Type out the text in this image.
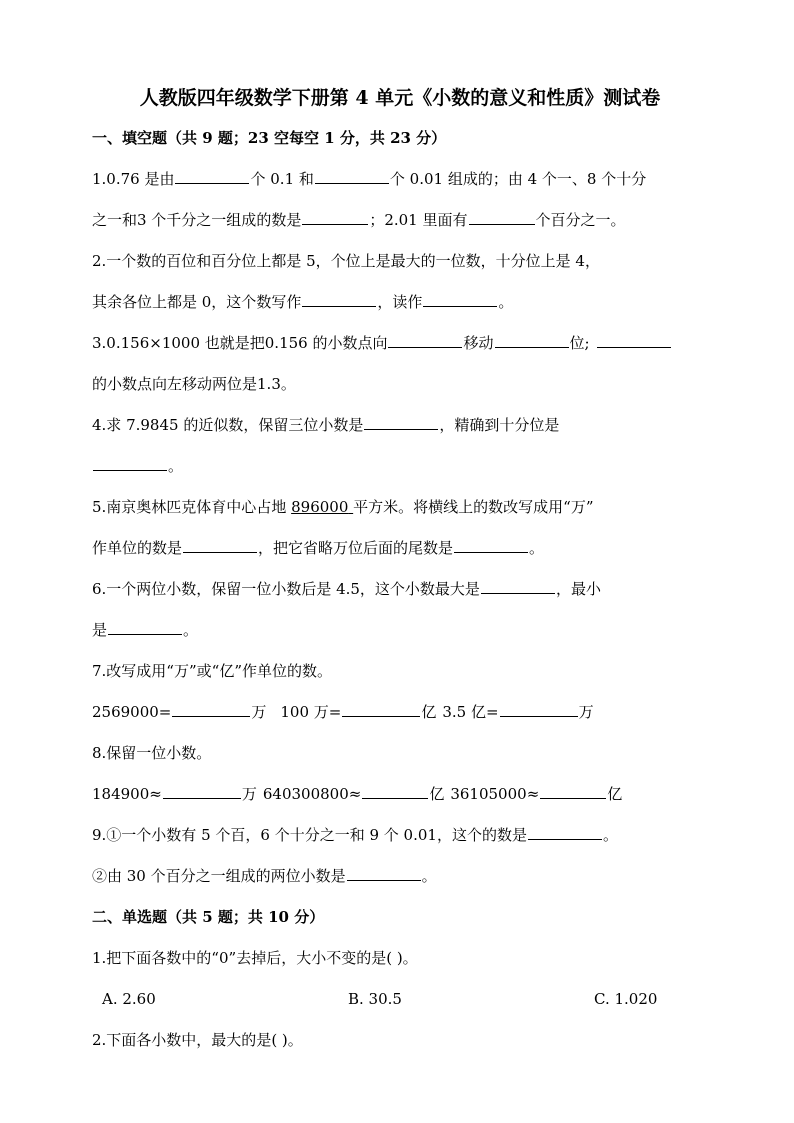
人教版四年级数学下册第 4 单元《小数的意义和性质》测试卷
一、填空题（共 9 题；23 空每空 1 分，共 23 分）
1.0.76 是由	个 0.1 和	个 0.01 组成的；由 4 个一、8 个十分
之一和3 个千分之一组成的数是	；2.01 里面有	个百分之一。
2.一个数的百位和百分位上都是 5，个位上是最大的一位数，十分位上是 4，
其余各位上都是 0，这个数写作	，读作	。
3.0.156×1000 也就是把0.156 的小数点向	移动	位;
的小数点向左移动两位是1.3。
4.求 7.9845 的近似数，保留三位小数是	，精确到十分位是
。
5.南京奥林匹克体育中心占地 896000 平方米。将横线上的数改写成用“万”
作单位的数是	，把它省略万位后面的尾数是	。
6.一个两位小数，保留一位小数后是 4.5，这个小数最大是	，最小
是	。
7.改写成用“万”或“亿”作单位的数。
2569000=	万 100 万=	亿 3.5 亿=	万
8.保留一位小数。
184900≈	万 640300800≈	亿 36105000≈	亿
9.①一个小数有 5 个百，6 个十分之一和 9 个 0.01，这个的数是	。
②由 30 个百分之一组成的两位小数是	。
二、单选题（共 5 题；共 10 分）
1.把下面各数中的“0”去掉后，大小不变的是( )。
A. 2.60	B. 30.5	C. 1.020
2.下面各小数中，最大的是( )。
